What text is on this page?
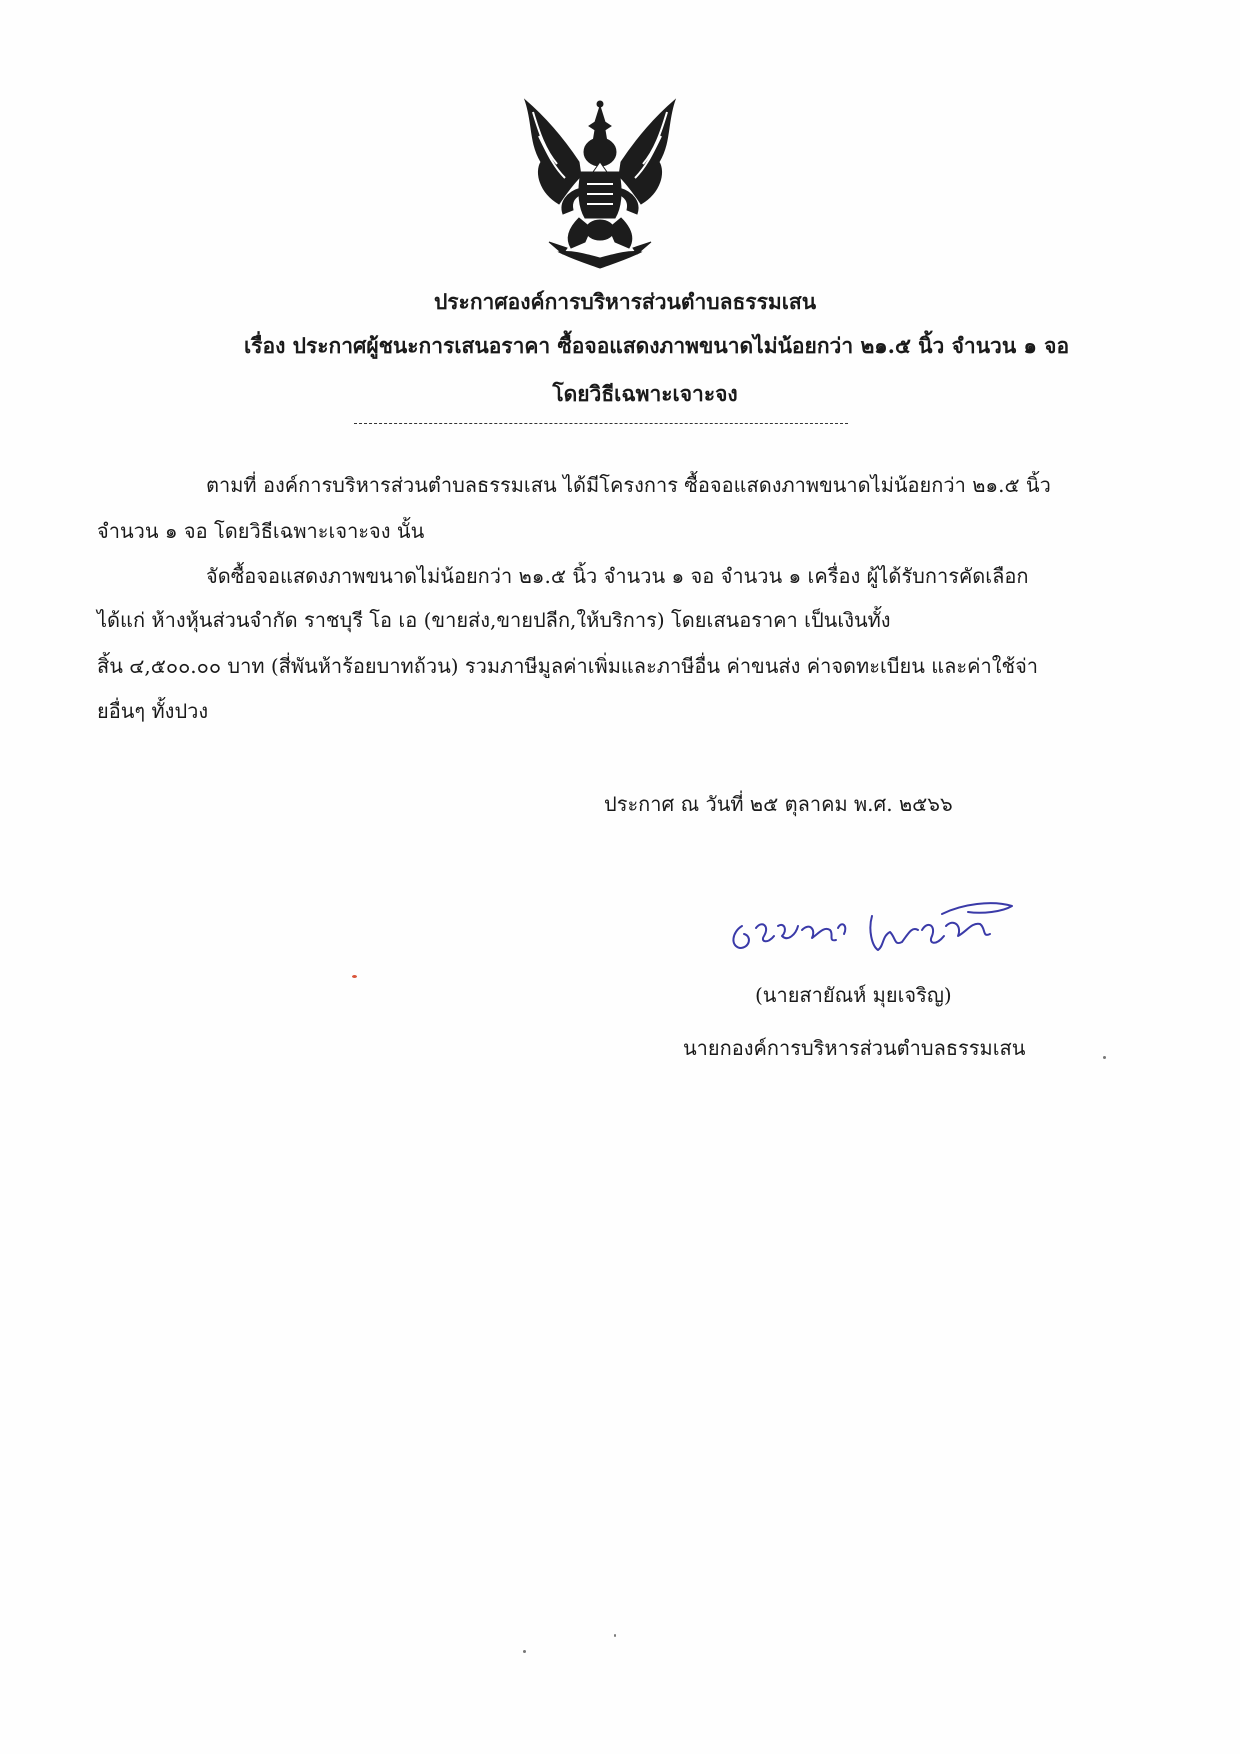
ประกาศองค์การบริหารส่วนตำบลธรรมเสน
เรื่อง ประกาศผู้ชนะการเสนอราคา ซื้อจอแสดงภาพขนาดไม่น้อยกว่า ๒๑.๕ นิ้ว จำนวน ๑ จอ
โดยวิธีเฉพาะเจาะจง
ตามที่ องค์การบริหารส่วนตำบลธรรมเสน ได้มีโครงการ ซื้อจอแสดงภาพขนาดไม่น้อยกว่า ๒๑.๕ นิ้ว
จำนวน ๑ จอ โดยวิธีเฉพาะเจาะจง นั้น
จัดซื้อจอแสดงภาพขนาดไม่น้อยกว่า ๒๑.๕ นิ้ว จำนวน ๑ จอ จำนวน ๑ เครื่อง ผู้ได้รับการคัดเลือก
ได้แก่ ห้างหุ้นส่วนจำกัด ราชบุรี โอ เอ (ขายส่ง,ขายปลีก,ให้บริการ) โดยเสนอราคา เป็นเงินทั้ง
สิ้น ๔,๕๐๐.๐๐ บาท (สี่พันห้าร้อยบาทถ้วน) รวมภาษีมูลค่าเพิ่มและภาษีอื่น ค่าขนส่ง ค่าจดทะเบียน และค่าใช้จ่า
ยอื่นๆ ทั้งปวง
ประกาศ ณ วันที่ ๒๕ ตุลาคม พ.ศ. ๒๕๖๖
(นายสายัณห์ มุยเจริญ)
นายกองค์การบริหารส่วนตำบลธรรมเสน
